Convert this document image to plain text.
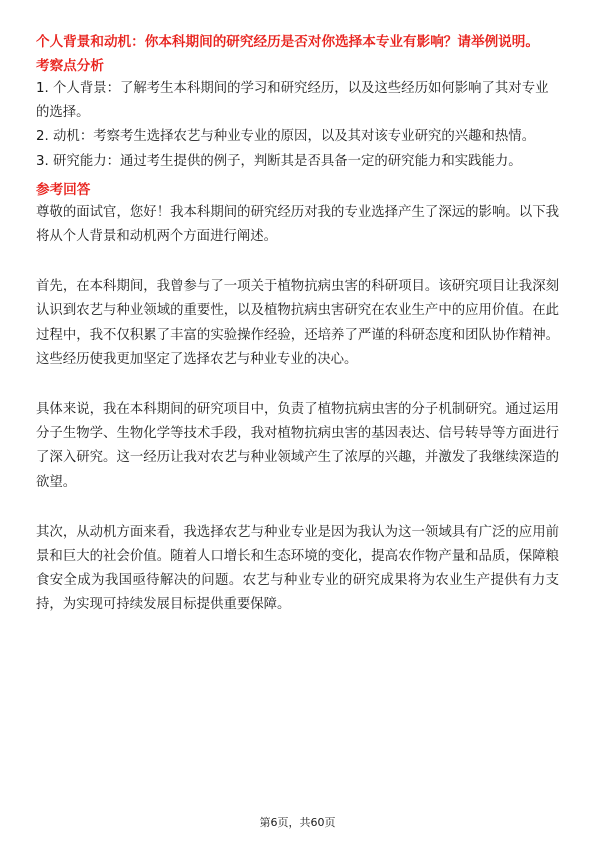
个人背景和动机：你本科期间的研究经历是否对你选择本专业有影响？请举例说明。

考察点分析

1. 个人背景：了解考生本科期间的学习和研究经历，以及这些经历如何影响了其对专业的选择。

2. 动机：考察考生选择农艺与种业专业的原因，以及其对该专业研究的兴趣和热情。

3. 研究能力：通过考生提供的例子，判断其是否具备一定的研究能力和实践能力。

参考回答

尊敬的面试官，您好！我本科期间的研究经历对我的专业选择产生了深远的影响。以下我将从个人背景和动机两个方面进行阐述。

首先，在本科期间，我曾参与了一项关于植物抗病虫害的科研项目。该研究项目让我深刻认识到农艺与种业领域的重要性，以及植物抗病虫害研究在农业生产中的应用价值。在此过程中，我不仅积累了丰富的实验操作经验，还培养了严谨的科研态度和团队协作精神。这些经历使我更加坚定了选择农艺与种业专业的决心。

具体来说，我在本科期间的研究项目中，负责了植物抗病虫害的分子机制研究。通过运用分子生物学、生物化学等技术手段，我对植物抗病虫害的基因表达、信号转导等方面进行了深入研究。这一经历让我对农艺与种业领域产生了浓厚的兴趣，并激发了我继续深造的欲望。

其次，从动机方面来看，我选择农艺与种业专业是因为我认为这一领域具有广泛的应用前景和巨大的社会价值。随着人口增长和生态环境的变化，提高农作物产量和品质，保障粮食安全成为我国亟待解决的问题。农艺与种业专业的研究成果将为农业生产提供有力支持，为实现可持续发展目标提供重要保障。

第6页，共60页
